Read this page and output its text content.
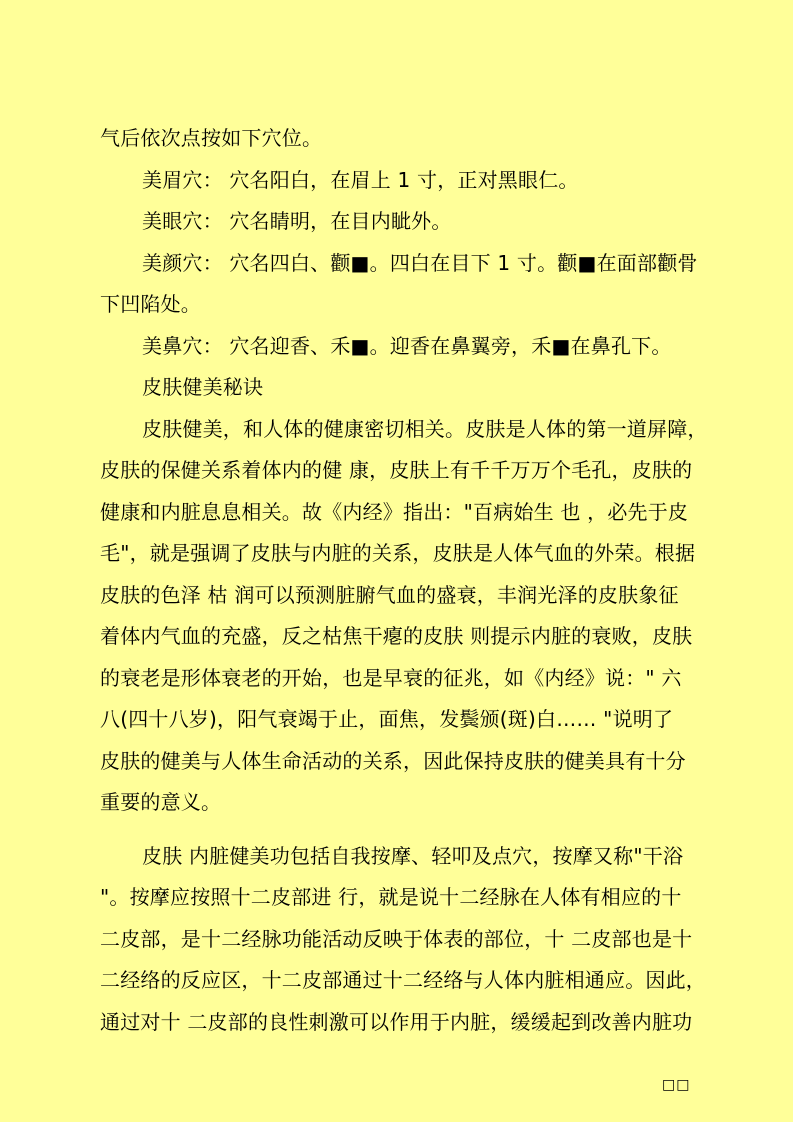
气后依次点按如下穴位。
美眉穴： 穴名阳白，在眉上 1 寸，正对黑眼仁。
美眼穴： 穴名睛明，在目内眦外。
美颜穴： 穴名四白、颧■。四白在目下 1 寸。颧■在面部颧骨
下凹陷处。
美鼻穴： 穴名迎香、禾■。迎香在鼻翼旁，禾■在鼻孔下。
皮肤健美秘诀
皮肤健美，和人体的健康密切相关。皮肤是人体的第一道屏障，
皮肤的保健关系着体内的健 康，皮肤上有千千万万个毛孔，皮肤的
健康和内脏息息相关。故《内经》指出："百病始生 也 ，必先于皮
毛"，就是强调了皮肤与内脏的关系，皮肤是人体气血的外荣。根据
皮肤的色泽 枯 润可以预测脏腑气血的盛衰，丰润光泽的皮肤象征
着体内气血的充盛，反之枯焦干瘪的皮肤 则提示内脏的衰败，皮肤
的衰老是形体衰老的开始，也是早衰的征兆，如《内经》说：" 六
八(四十八岁)，阳气衰竭于止，面焦，发鬓颁(斑)白…… "说明了
皮肤的健美与人体生命活动的关系，因此保持皮肤的健美具有十分
重要的意义。
皮肤 内脏健美功包括自我按摩、轻叩及点穴，按摩又称"干浴
"。按摩应按照十二皮部进 行，就是说十二经脉在人体有相应的十
二皮部，是十二经脉功能活动反映于体表的部位，十 二皮部也是十
二经络的反应区，十二皮部通过十二经络与人体内脏相通应。因此，
通过对十 二皮部的良性刺激可以作用于内脏，缓缓起到改善内脏功
□□
